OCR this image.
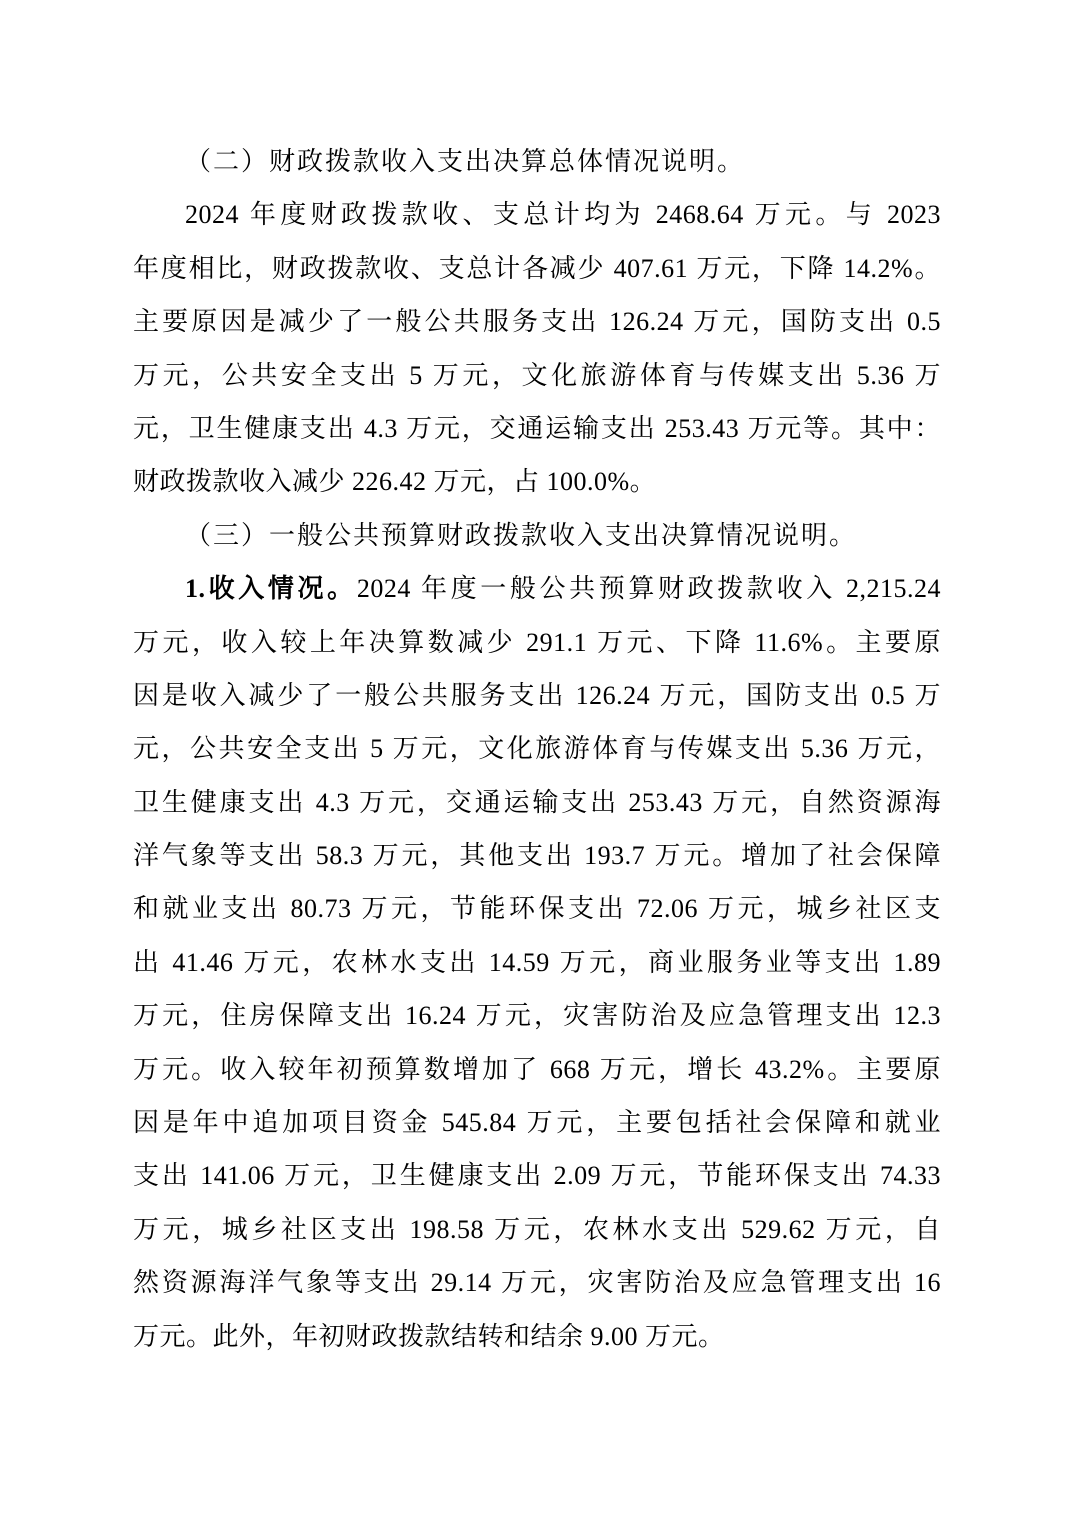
（二）财政拨款收入支出决算总体情况说明。
2024 年度财政拨款收、支总计均为 2468.64 万元。与 2023
年度相比，财政拨款收、支总计各减少 407.61 万元，下降 14.2%。
主要原因是减少了一般公共服务支出 126.24 万元，国防支出 0.5
万元，公共安全支出 5 万元，文化旅游体育与传媒支出 5.36 万
元，卫生健康支出 4.3 万元，交通运输支出 253.43 万元等。其中：
财政拨款收入减少 226.42 万元，占 100.0%。
（三）一般公共预算财政拨款收入支出决算情况说明。
1.收入情况。2024 年度一般公共预算财政拨款收入 2,215.24
万元，收入较上年决算数减少 291.1 万元、下降 11.6%。主要原
因是收入减少了一般公共服务支出 126.24 万元，国防支出 0.5 万
元，公共安全支出 5 万元，文化旅游体育与传媒支出 5.36 万元，
卫生健康支出 4.3 万元，交通运输支出 253.43 万元，自然资源海
洋气象等支出 58.3 万元，其他支出 193.7 万元。增加了社会保障
和就业支出 80.73 万元，节能环保支出 72.06 万元，城乡社区支
出 41.46 万元，农林水支出 14.59 万元，商业服务业等支出 1.89
万元，住房保障支出 16.24 万元，灾害防治及应急管理支出 12.3
万元。收入较年初预算数增加了 668 万元，增长 43.2%。主要原
因是年中追加项目资金 545.84 万元，主要包括社会保障和就业
支出 141.06 万元，卫生健康支出 2.09 万元，节能环保支出 74.33
万元，城乡社区支出 198.58 万元，农林水支出 529.62 万元，自
然资源海洋气象等支出 29.14 万元，灾害防治及应急管理支出 16
万元。此外，年初财政拨款结转和结余 9.00 万元。
